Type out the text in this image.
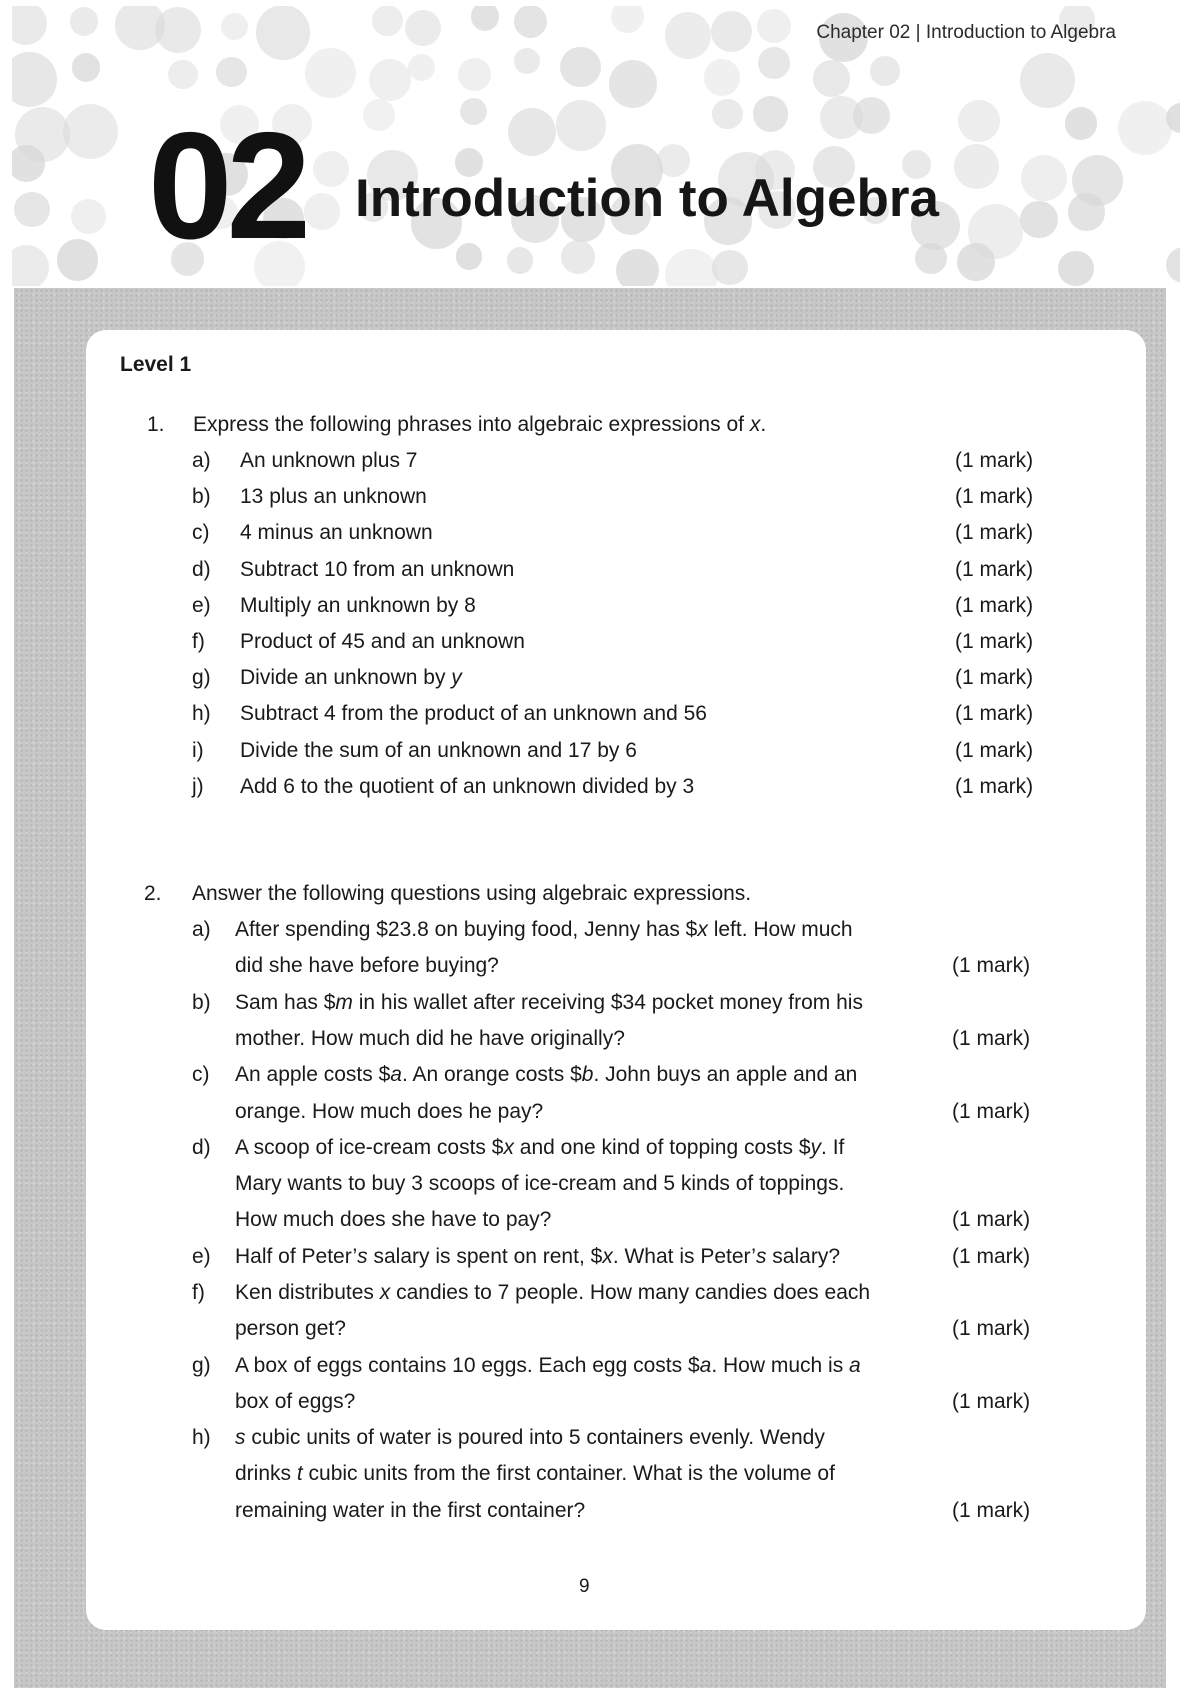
Chapter 02 | Introduction to Algebra
02 Introduction to Algebra
Level 1
1. Express the following phrases into algebraic expressions of x.
a) An unknown plus 7	(1 mark)
b) 13 plus an unknown	(1 mark)
c) 4 minus an unknown	(1 mark)
d) Subtract 10 from an unknown	(1 mark)
e) Multiply an unknown by 8	(1 mark)
f) Product of 45 and an unknown	(1 mark)
g) Divide an unknown by y	(1 mark)
h) Subtract 4 from the product of an unknown and 56	(1 mark)
i) Divide the sum of an unknown and 17 by 6	(1 mark)
j) Add 6 to the quotient of an unknown divided by 3	(1 mark)
2. Answer the following questions using algebraic expressions.
a) After spending $23.8 on buying food, Jenny has $x left. How much
did she have before buying?	(1 mark)
b) Sam has $m in his wallet after receiving $34 pocket money from his
mother. How much did he have originally?	(1 mark)
c) An apple costs $a. An orange costs $b. John buys an apple and an
orange. How much does he pay?	(1 mark)
d) A scoop of ice-cream costs $x and one kind of topping costs $y. If
Mary wants to buy 3 scoops of ice-cream and 5 kinds of toppings.
How much does she have to pay?	(1 mark)
e) Half of Peter’s salary is spent on rent, $x. What is Peter’s salary?	(1 mark)
f) Ken distributes x candies to 7 people. How many candies does each
person get?	(1 mark)
g) A box of eggs contains 10 eggs. Each egg costs $a. How much is a
box of eggs?	(1 mark)
h) s cubic units of water is poured into 5 containers evenly. Wendy
drinks t cubic units from the first container. What is the volume of
remaining water in the first container?	(1 mark)
9
